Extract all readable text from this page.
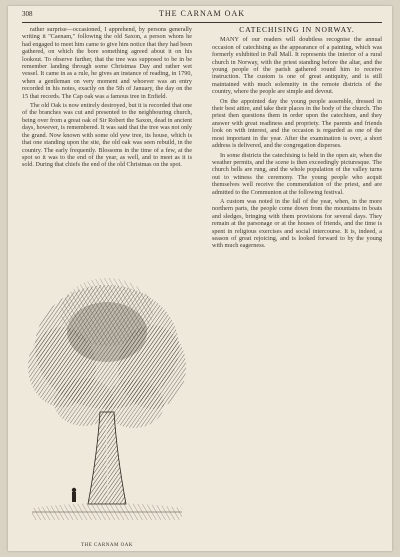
308	THE CARNAM OAK

rather surprise—occasioned, I apprehend, by persons generally writing it "Caenam," following the old Saxon, a person whom he had engaged to meet him came to give him notice that they had been gathered, on which the bore something agreed about it on his lookout. To observe further, that the tree was supposed to be in be remember landing through some Christmas Day and rather wet vessel. It came in as a rule, he gives an instance of reading, in 1790, when a gentleman on very moment and whoever was an entry recorded in his notes, exactly on the 5th of January, the day on the 15 that records. The Cap oak was a famous tree in Enfield.

The old Oak is now entirely destroyed, but it is recorded that one of the branches was cut and presented to the neighbouring church, being over from a great oak of Sir Robert the Saxon, dead in ancient days, however, is remembered. It was said that the tree was not only the grand. Now known with some old yew tree, its house, which is that one standing upon the site, the old oak was seen rebuild, in the country. The early frequently. Blossoms in the time of a few, at the spot so it was to the end of the year, as well, and to meet as it is sold. During that chiefs the end of the old Christmas on the spot.

THE CARNAM OAK
CATECHISING IN NORWAY.

MANY of our readers will doubtless recognise the annual occasion of catechising as the appearance of a painting, which was formerly exhibited in Pall Mall. It represents the interior of a rural church in Norway, with the priest standing before the altar, and the young people of the parish gathered round him to receive instruction. The custom is one of great antiquity, and is still maintained with much solemnity in the remote districts of the country, where the people are simple and devout.

On the appointed day the young people assemble, dressed in their best attire, and take their places in the body of the church. The priest then questions them in order upon the catechism, and they answer with great readiness and propriety. The parents and friends look on with interest, and the occasion is regarded as one of the most important in the year. After the examination is over, a short address is delivered, and the congregation disperses.

In some districts the catechising is held in the open air, when the weather permits, and the scene is then exceedingly picturesque. The church bells are rung, and the whole population of the valley turns out to witness the ceremony. The young people who acquit themselves well receive the commendation of the priest, and are admitted to the Communion at the following festival.

A custom was noted in the fall of the year, when, in the more northern parts, the people come down from the mountains in boats and sledges, bringing with them provisions for several days. They remain at the parsonage or at the houses of friends, and the time is spent in religious exercises and social intercourse. It is, indeed, a season of great rejoicing, and is looked forward to by the young with much eagerness.
